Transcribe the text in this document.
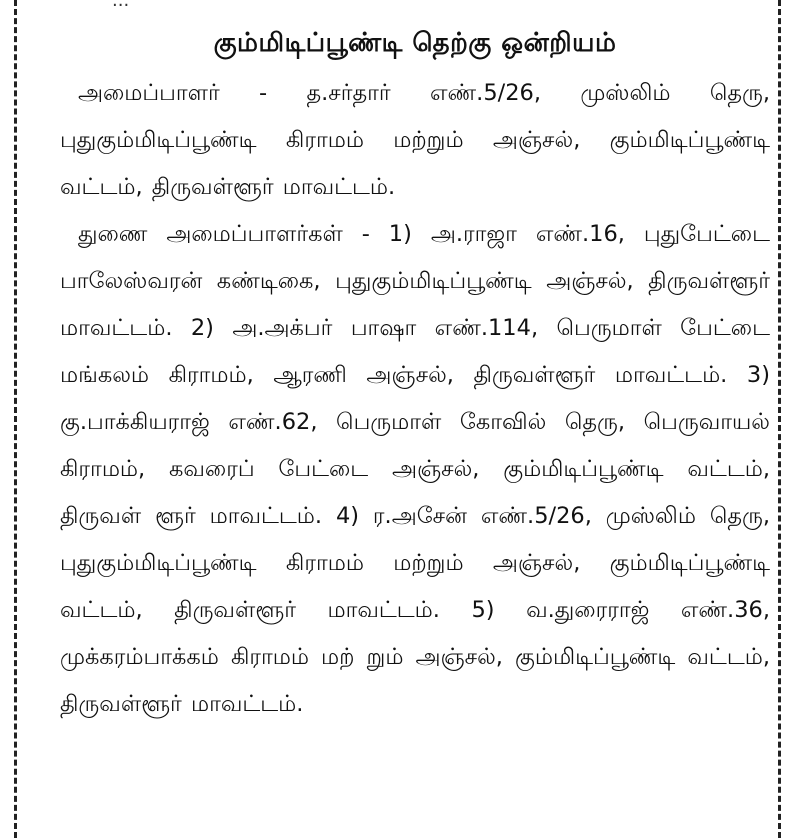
...
கும்மிடிப்பூண்டி தெற்கு ஒன்றியம்

அமைப்பாளர் - த.சர்தார் எண்.5/26, முஸ்லிம் தெரு, புதுகும்மிடிப்பூண்டி கிராமம் மற்றும் அஞ்சல், கும்மிடிப்பூண்டி வட்டம், திருவள்ளூர் மாவட்டம்.

துணை அமைப்பாளர்கள் - 1) அ.ராஜா எண்.16, புதுபேட்டை பாலேஸ்வரன் கண்டிகை, புதுகும்மிடிப்பூண்டி அஞ்சல், திருவள்ளூர் மாவட்டம். 2) அ.அக்பர் பாஷா எண்.114, பெருமாள் பேட்டை மங்கலம் கிராமம், ஆரணி அஞ்சல், திருவள்ளூர் மாவட்டம். 3) கு.பாக்கியராஜ் எண்.62, பெருமாள் கோவில் தெரு, பெருவாயல் கிராமம், கவரைப் பேட்டை அஞ்சல், கும்மிடிப்பூண்டி வட்டம், திருவள் ளூர் மாவட்டம். 4) ர.அசேன் எண்.5/26, முஸ்லிம் தெரு, புதுகும்மிடிப்பூண்டி கிராமம் மற்றும் அஞ்சல், கும்மிடிப்பூண்டி வட்டம், திருவள்ளூர் மாவட்டம். 5) வ.துரைராஜ் எண்.36, முக்கரம்பாக்கம் கிராமம் மற் றும் அஞ்சல், கும்மிடிப்பூண்டி வட்டம், திருவள்ளூர் மாவட்டம்.
